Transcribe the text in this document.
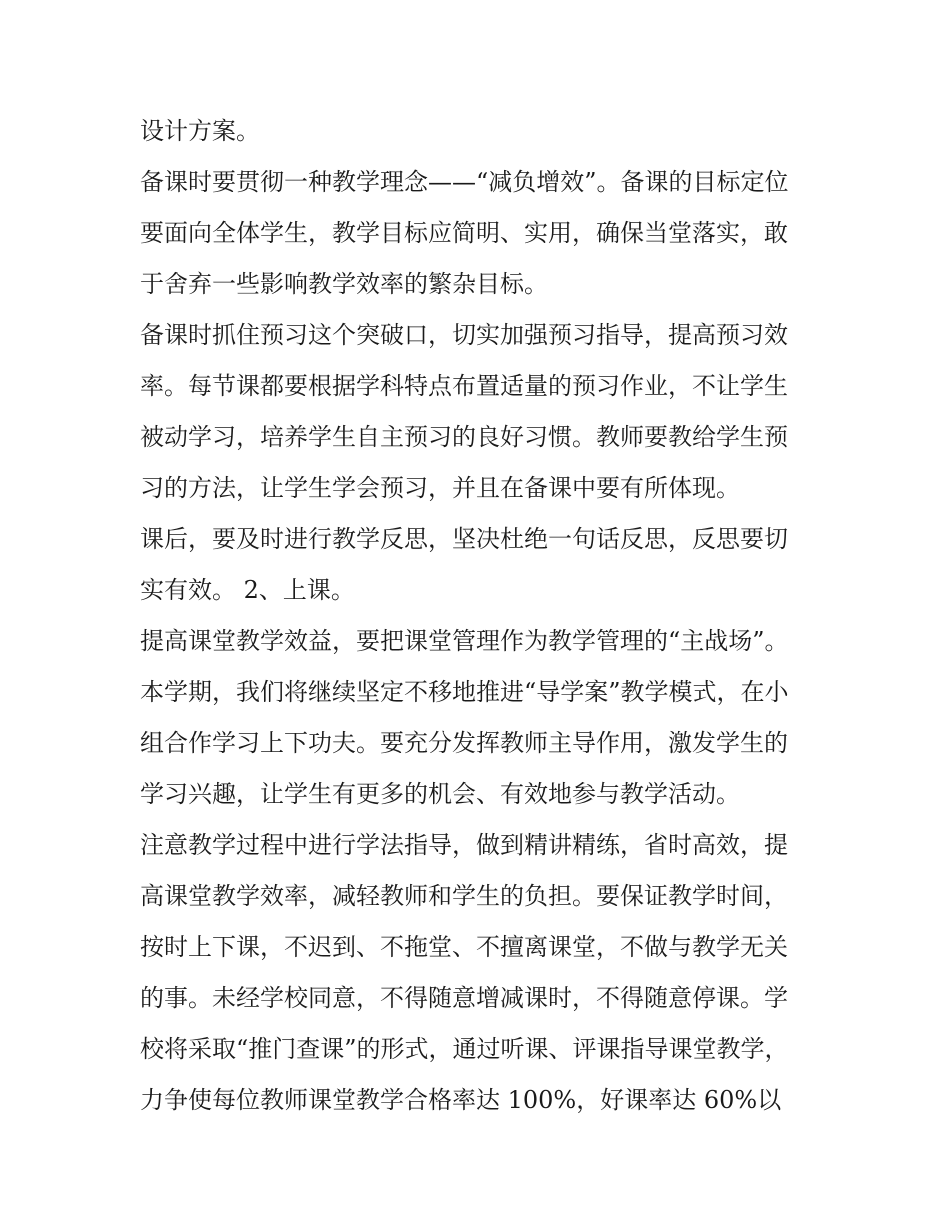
设计方案。
备课时要贯彻一种教学理念——“减负增效”。备课的目标定位
要面向全体学生，教学目标应简明、实用，确保当堂落实，敢
于舍弃一些影响教学效率的繁杂目标。
备课时抓住预习这个突破口，切实加强预习指导，提高预习效
率。每节课都要根据学科特点布置适量的预习作业，不让学生
被动学习，培养学生自主预习的良好习惯。教师要教给学生预
习的方法，让学生学会预习，并且在备课中要有所体现。
课后，要及时进行教学反思，坚决杜绝一句话反思，反思要切
实有效。 2、上课。
提高课堂教学效益，要把课堂管理作为教学管理的“主战场”。
本学期，我们将继续坚定不移地推进“导学案”教学模式，在小
组合作学习上下功夫。要充分发挥教师主导作用，激发学生的
学习兴趣，让学生有更多的机会、有效地参与教学活动。
注意教学过程中进行学法指导，做到精讲精练，省时高效，提
高课堂教学效率，减轻教师和学生的负担。要保证教学时间，
按时上下课，不迟到、不拖堂、不擅离课堂，不做与教学无关
的事。未经学校同意，不得随意增减课时，不得随意停课。学
校将采取“推门查课”的形式，通过听课、评课指导课堂教学，
力争使每位教师课堂教学合格率达 100%，好课率达 60%以
